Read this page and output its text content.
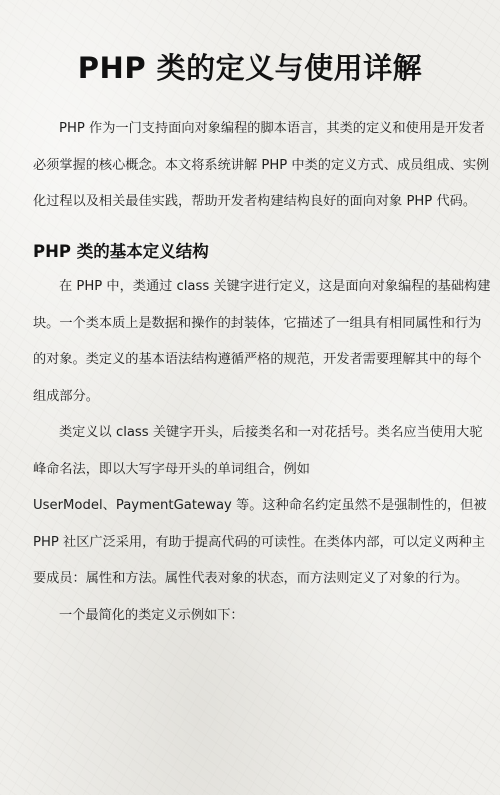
PHP 类的定义与使用详解
PHP 作为一门支持面向对象编程的脚本语言，其类的定义和使用是开发者
必须掌握的核心概念。本文将系统讲解 PHP 中类的定义方式、成员组成、实例
化过程以及相关最佳实践，帮助开发者构建结构良好的面向对象 PHP 代码。
PHP 类的基本定义结构
在 PHP 中，类通过 class 关键字进行定义，这是面向对象编程的基础构建
块。一个类本质上是数据和操作的封装体，它描述了一组具有相同属性和行为
的对象。类定义的基本语法结构遵循严格的规范，开发者需要理解其中的每个
组成部分。
类定义以 class 关键字开头，后接类名和一对花括号。类名应当使用大驼
峰命名法，即以大写字母开头的单词组合，例如
UserModel、PaymentGateway 等。这种命名约定虽然不是强制性的，但被
PHP 社区广泛采用，有助于提高代码的可读性。在类体内部，可以定义两种主
要成员：属性和方法。属性代表对象的状态，而方法则定义了对象的行为。
一个最简化的类定义示例如下：
